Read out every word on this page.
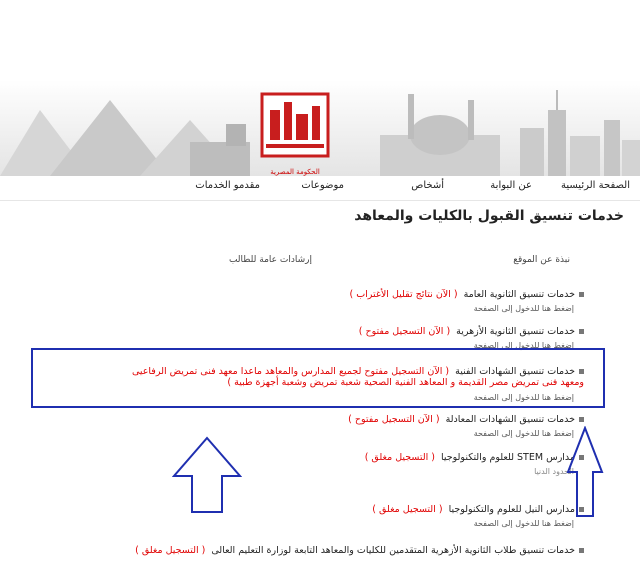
الحكومة المصرية
الصفحة الرئيسية
عن البوابة
أشخاص
موضوعات
مقدمو الخدمات
خدمات تنسيق القبول بالكليات والمعاهد
نبذة عن الموقع
إرشادات عامة للطالب
خدمات تنسيق الثانوية العامة( الآن نتائج تقليل الأغتراب )
إضغط هنا للدخول إلى الصفحة
خدمات تنسيق الثانوية الأزهرية( الآن التسجيل مفتوح )
إضغط هنا للدخول إلى الصفحة
خدمات تنسيق الشهادات الفنية( الآن التسجيل مفتوح لجميع المدارس والمعاهد ماعدا معهد فنى تمريض الرفاعيى
ومعهد فنى تمريض مصر القديمة و المعاهد الفنية الصحية شعبة تمريض وشعبة أجهزة طبية )
إضغط هنا للدخول إلى الصفحة
خدمات تنسيق الشهادات المعادلة( الآن التسجيل مفتوح )
إضغط هنا للدخول إلى الصفحة
مدارس STEM للعلوم والتكنولوجيا( التسجيل مغلق )
الحدود الدنيا
مدارس النيل للعلوم والتكنولوجيا( التسجيل مغلق )
إضغط هنا للدخول إلى الصفحة
خدمات تنسيق طلاب الثانوية الأزهرية المتقدمين للكليات والمعاهد التابعة لوزارة التعليم العالى( التسجيل مغلق )
